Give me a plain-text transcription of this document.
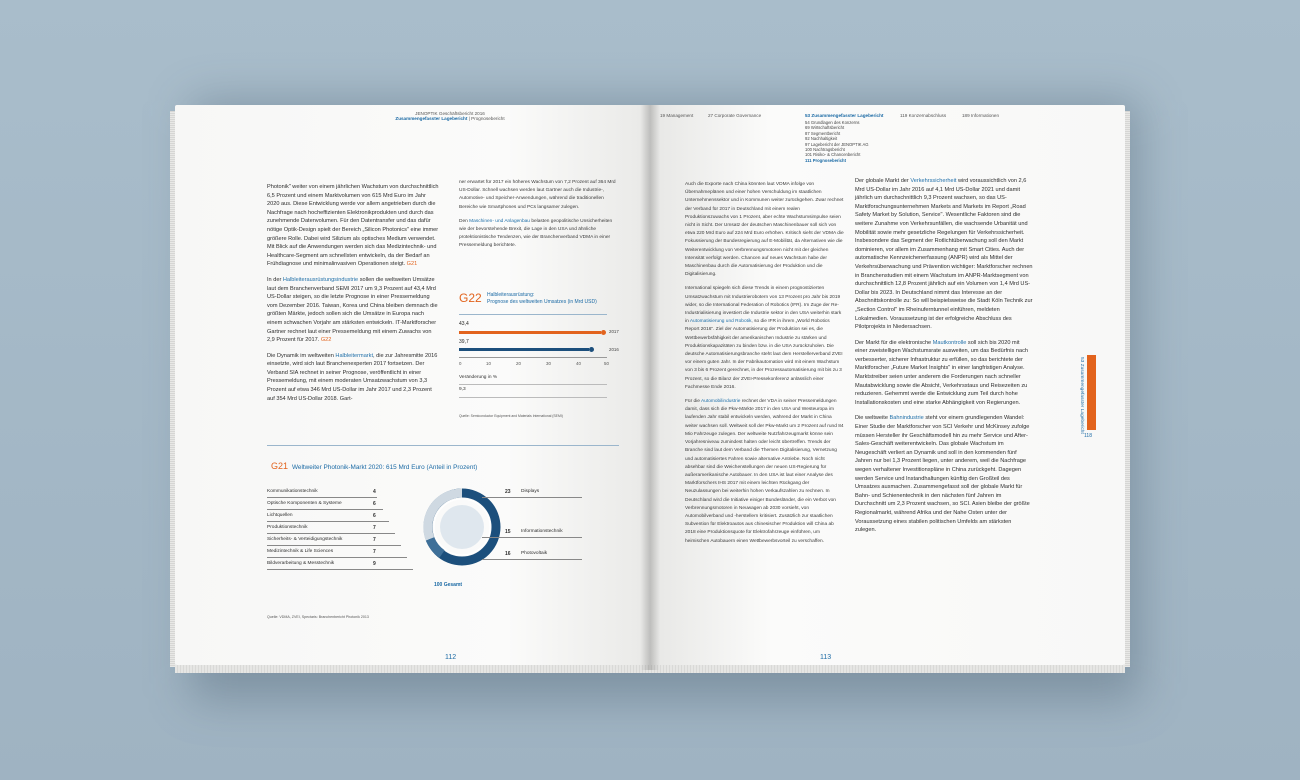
JENOPTIK Geschäftsbericht 2016
Zusammengefasster Lagebericht | Prognosebericht

Photonik" weiter von einem jährlichen Wachstum von durchschnittlich 6,5 Prozent und einem Marktvolumen von 615 Mrd Euro im Jahr 2020 aus. Diese Entwicklung werde vor allem angetrieben durch die Nachfrage nach hocheffizienten Elektronikprodukten und durch das zunehmende Datenvolumen. Für den Datentransfer und das dafür nötige Optik-Design spielt der Bereich „Silicon Photonics" eine immer größere Rolle. Dabei wird Silizium als optisches Medium verwendet. Mit Blick auf die Anwendungen werden sich das Medizintechnik- und Healthcare-Segment am schnellsten entwickeln, da der Bedarf an Frühdiagnose und minimalinvasiven Operationen steigt. G21

In der Halbleiterausrüstungsindustrie sollen die weltweiten Umsätze laut dem Branchenverband SEMI 2017 um 9,3 Prozent auf 43,4 Mrd US-Dollar steigen, so die letzte Prognose in einer Pressemeldung vom Dezember 2016. Taiwan, Korea und China bleiben demnach die größten Märkte, jedoch sollen sich die Umsätze in Europa nach einem schwachen Vorjahr am stärksten entwickeln. IT-Marktforscher Gartner rechnet laut einer Pressemeldung mit einem Zuwachs von 2,9 Prozent für 2017. G22

Die Dynamik im weltweiten Halbleitermarkt, die zur Jahresmitte 2016 einsetzte, wird sich laut Branchenexperten 2017 fortsetzen. Der Verband SIA rechnet in seiner Prognose, veröffentlicht in einer Pressemeldung, mit einem moderaten Umsatzwachstum von 3,3 Prozent auf etwa 346 Mrd US-Dollar im Jahr 2017 und 2,3 Prozent auf 354 Mrd US-Dollar 2018. Gart-

ner erwartet für 2017 ein höheres Wachstum von 7,2 Prozent auf 364 Mrd US-Dollar. Schnell wachsen werden laut Gartner auch die Industrie-, Automotive- und Speicher-Anwendungen, während die traditionellen Bereiche wie Smartphones und PCs langsamer zulegen.

Den Maschinen- und Anlagenbau belasten geopolitische Unsicherheiten wie der bevorstehende Brexit, die Lage in den USA und ähnliche protektionistische Tendenzen, wie der Branchenverband VDMA in einer Pressemeldung berichtete.

G22 Halbleiterausrüstung:
Prognose des weltweiten Umsatzes (in Mrd USD)
43,4
2017
39,7
2016
0	10	20	30	40	50
Veränderung in %
9,3
Quelle: Semiconductor Equipment and Materials International (SEMI)
G21 Weltweiter Photonik-Markt 2020: 615 Mrd Euro (Anteil in Prozent)
100 Gesamt
Kommunikationstechnik	4
Optische Komponenten & Systeme	6
Lichtquellen	6
Produktionstechnik	7
Sicherheits- & Verteidigungstechnik	7
Medizintechnik & Life Sciences	7
Bildverarbeitung & Messtechnik	9
23 Displays
15 Informationstechnik
16 Photovoltaik
Quelle: VDMA, ZVEI, Spectaris: Branchenbericht Photonik 2013
112
19 Management	27 Corporate Governance	53 Zusammengefasster Lagebericht	119 Konzernabschluss	189 Informationen
54 Grundlagen des Konzerns
69 Wirtschaftsbericht
87 Segmentbericht
92 Nachhaltigkeit
97 Lagebericht der JENOPTIK AG
100 Nachtragsbericht
101 Risiko- & Chancenbericht
111 Prognosebericht

Auch die Exporte nach China könnten laut VDMA infolge von Übernahmeplänen und einer hohen Verschuldung im staatlichen Unternehmenssektor und in Kommunen weiter zurückgehen. Zwar rechnet der Verband für 2017 in Deutschland mit einem realen Produktionszuwachs von 1 Prozent, aber echte Wachstumsimpulse seien nicht in Sicht. Der Umsatz der deutschen Maschinenbauer soll sich von etwa 220 Mrd Euro auf 224 Mrd Euro erhöhen. Kritisch sieht der VDMA die Fokussierung der Bundesregierung auf E-Mobilität, da Alternativen wie die Weiterentwicklung von Verbrennungsmotoren nicht mit der gleichen Intensität verfolgt werden. Chancen auf neues Wachstum habe der Maschinenbau durch die Automatisierung der Produktion und die Digitalisierung.

International spiegeln sich diese Trends in einem prognostizierten Umsatzwachstum mit Industrierobotern von 13 Prozent pro Jahr bis 2019 wider, so die International Federation of Robotics (IFR). Im Zuge der Re-Industrialisierung investiert die Industrie sektor in den USA weiterhin stark in Automatisierung und Robotik, so die IFR in ihrem „World Robotics Report 2016". Ziel der Automatisierung der Produktion sei es, die Wettbewerbsfähigkeit der amerikanischen Industrie zu stärken und Produktionskapazitäten zu binden bzw. in die USA zurückzuholen. Die deutsche Automatisierungsbranche steht laut dem Herstellerverband ZVEI vor einem guten Jahr. In der Fabrikautomation wird mit einem Wachstum von 3 bis 6 Prozent gerechnet, in der Prozessautomatisierung mit bis zu 3 Prozent, so die Bilanz der ZVEI-Pressekonferenz anlässlich einer Fachmesse Ende 2016.

Für die Automobilindustrie rechnet der VDA in seiner Pressemeldungen damit, dass sich die Pkw-Märkte 2017 in den USA und Westeuropa im laufenden Jahr stabil entwickeln werden, während der Markt in China weiter wachsen soll. Weltweit soll der Pkw-Markt um 2 Prozent auf rund 84 Mio Fahrzeuge zulegen. Der weltweite Nutzfahrzeugmarkt könne sein Vorjahresniveau zumindest halten oder leicht übertreffen. Trends der Branche sind laut dem Verband die Themen Digitalisierung, Vernetzung und automatisiertes Fahren sowie alternative Antriebe. Noch nicht absehbar sind die Weichenstellungen der neuen US-Regierung für außeramerikanische Autobauer. In den USA ist laut einer Analyse des Marktforschers IHS 2017 mit einem leichten Rückgang der Neuzulassungen bei weiterhin hohen Verkaufszahlen zu rechnen. In Deutschland wird die Initiative einiger Bundesländer, die ein Verbot von Verbrennungsmotoren in Neuwagen ab 2030 vorsieht, von Automobilverband und -herstellern kritisiert. Zusätzlich zur staatlichen Subvention für Elektroautos aus chinesischer Produktion will China ab 2018 eine Produktionsquote für Elektrofahrzeuge einführen, um heimischen Autobauern einen Wettbewerbsvorteil zu verschaffen.

Der globale Markt der Verkehrssicherheit wird voraussichtlich von 2,6 Mrd US-Dollar im Jahr 2016 auf 4,1 Mrd US-Dollar 2021 und damit jährlich um durchschnittlich 9,3 Prozent wachsen, so das US-Marktforschungsunternehmen Markets and Markets im Report „Road Safety Market by Solution, Service". Wesentliche Faktoren sind die weitere Zunahme von Verkehrsunfällen, die wachsende Urbanität und Mobilität sowie mehr gesetzliche Regelungen für Verkehrssicherheit. Insbesondere das Segment der Rotlichtüberwachung soll den Markt dominieren, vor allem im Zusammenhang mit Smart Cities. Auch der automatische Kennzeichenerfassung (ANPR) wird als Mittel der Verkehrsüberwachung und Prävention wichtiger: Marktforscher rechnen in Branchenstudien mit einem Wachstum im ANPR-Marktsegment von durchschnittlich 12,8 Prozent jährlich auf ein Volumen von 1,4 Mrd US-Dollar bis 2023. In Deutschland nimmt das Interesse an der Abschnittskontrolle zu: So will beispielsweise die Stadt Köln Technik zur „Section Control" im Rheinuferntunnel einführen, meldeten Lokalmedien. Voraussetzung ist der erfolgreiche Abschluss des Pilotprojekts in Niedersachsen.

Der Markt für die elektronische Mautkontrolle soll sich bis 2020 mit einer zweistelligen Wachstumsrate ausweiten, um das Bedürfnis nach verbesserter, sicherer Infrastruktur zu erfüllen, so das berichtete der Marktforscher „Future Market Insights" in einer langfristigen Analyse. Marktstreiber seien unter anderem die Forderungen nach schneller Mautabwicklung sowie die Absicht, Verkehrsstaus und Reisezeiten zu reduzieren. Gehemmt werde die Entwicklung zum Teil durch hohe Installationskosten und eine starke Abhängigkeit von Regierungen.

Die weltweite Bahnindustrie steht vor einem grundlegenden Wandel: Einer Studie der Marktforscher von SCI Verkehr und McKinsey zufolge müssen Hersteller ihr Geschäftsmodell hin zu mehr Service und After-Sales-Geschäft weiterentwickeln. Das globale Wachstum im Neugeschäft verliert an Dynamik und soll in den kommenden fünf Jahren nur bei 1,3 Prozent liegen, unter anderem, weil die Nachfrage wegen verhaltener Investitionspläne in China zurückgeht. Dagegen werden Service und Instandhaltungen künftig den Großteil des Umsatzes ausmachen. Zusammengefasst soll der globale Markt für Bahn- und Schienentechnik in den nächsten fünf Jahren im Durchschnitt um 2,3 Prozent wachsen, so SCI. Asien bleibe der größte Regionalmarkt, während Afrika und der Nahe Osten unter der Voraussetzung eines stabilen politischen Umfelds am stärksten zulegen.

53 Zusammengefasster Lagebericht
118
113
